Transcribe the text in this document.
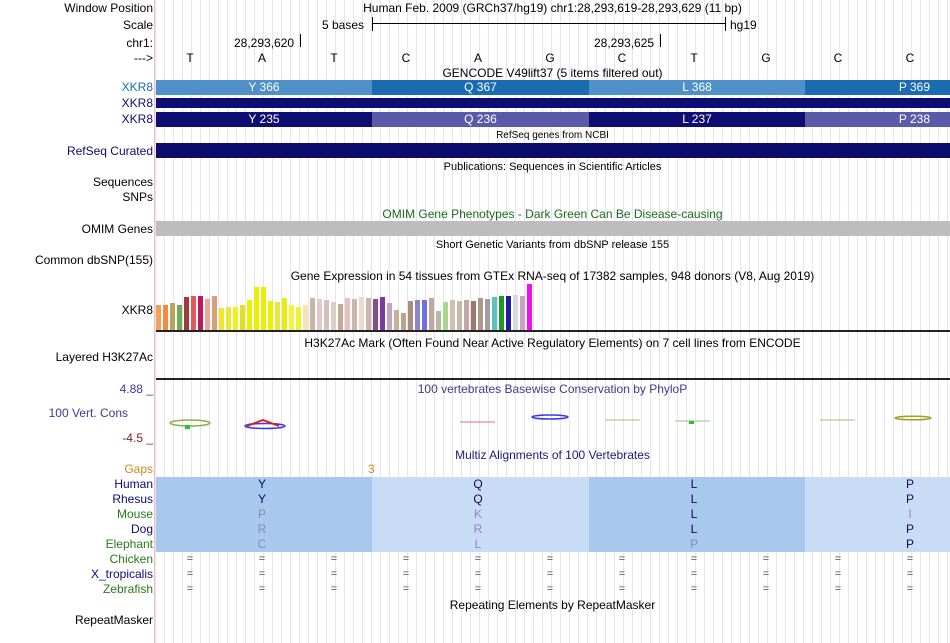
Window Position
Scale
chr1:
--->
Human Feb. 2009 (GRCh37/hg19) chr1:28,293,619-28,293,629 (11 bp)
5 bases	hg19
28,293,620	28,293,625
T	A	T	C	A	G	C	T	G	C	C
GENCODE V49lift37 (5 items filtered out)
XKR8
XKR8
XKR8
Y 366	Q 367	L 368	P 369
Y 235	Q 236	L 237	P 238
RefSeq genes from NCBI
RefSeq Curated
Publications: Sequences in Scientific Articles
Sequences
SNPs
OMIM Gene Phenotypes - Dark Green Can Be Disease-causing
OMIM Genes
Short Genetic Variants from dbSNP release 155
Common dbSNP(155)
Gene Expression in 54 tissues from GTEx RNA-seq of 17382 samples, 948 donors (V8, Aug 2019)
XKR8
H3K27Ac Mark (Often Found Near Active Regulatory Elements) on 7 cell lines from ENCODE
Layered H3K27Ac
100 vertebrates Basewise Conservation by PhyloP
4.88 _
100 Vert. Cons
-4.5 _
Multiz Alignments of 100 Vertebrates
Gaps	3
Human	Y	Q	L	P
Rhesus	Y	Q	L	P
Mouse	P	K	L	I
Dog	R	R	L	P
Elephant	C	L	P	P
Chicken	=	=	=	=	=	=	=	=	=	=	=
X_tropicalis	=	=	=	=	=	=	=	=	=	=	=
Zebrafish	=	=	=	=	=	=	=	=	=	=	=
Repeating Elements by RepeatMasker
RepeatMasker
